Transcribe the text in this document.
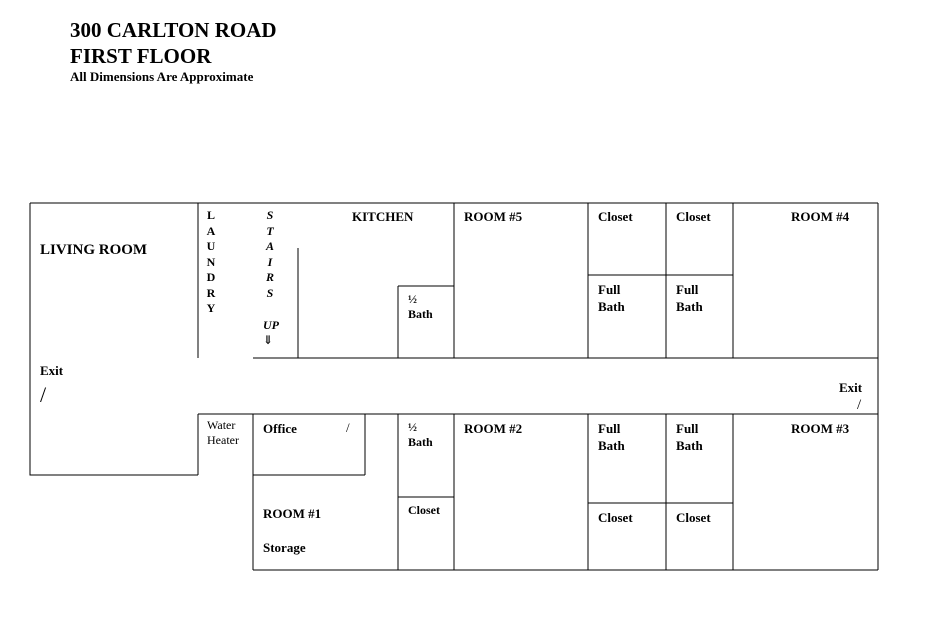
300 CARLTON ROAD
FIRST FLOOR
All Dimensions Are Approximate
LIVING ROOM
LAUNDRY
STAIRS
UP
⇓
KITCHEN
½
Bath
ROOM #5	Closet	Closet
Full
Bath
Full
Bath
ROOM #4
Exit
/	Exit
/
Water
Heater
Office	/	½
Bath
Closet
ROOM #2	Full
Bath
Full
Bath
ROOM #3
Closet	Closet
ROOM #1
Storage
